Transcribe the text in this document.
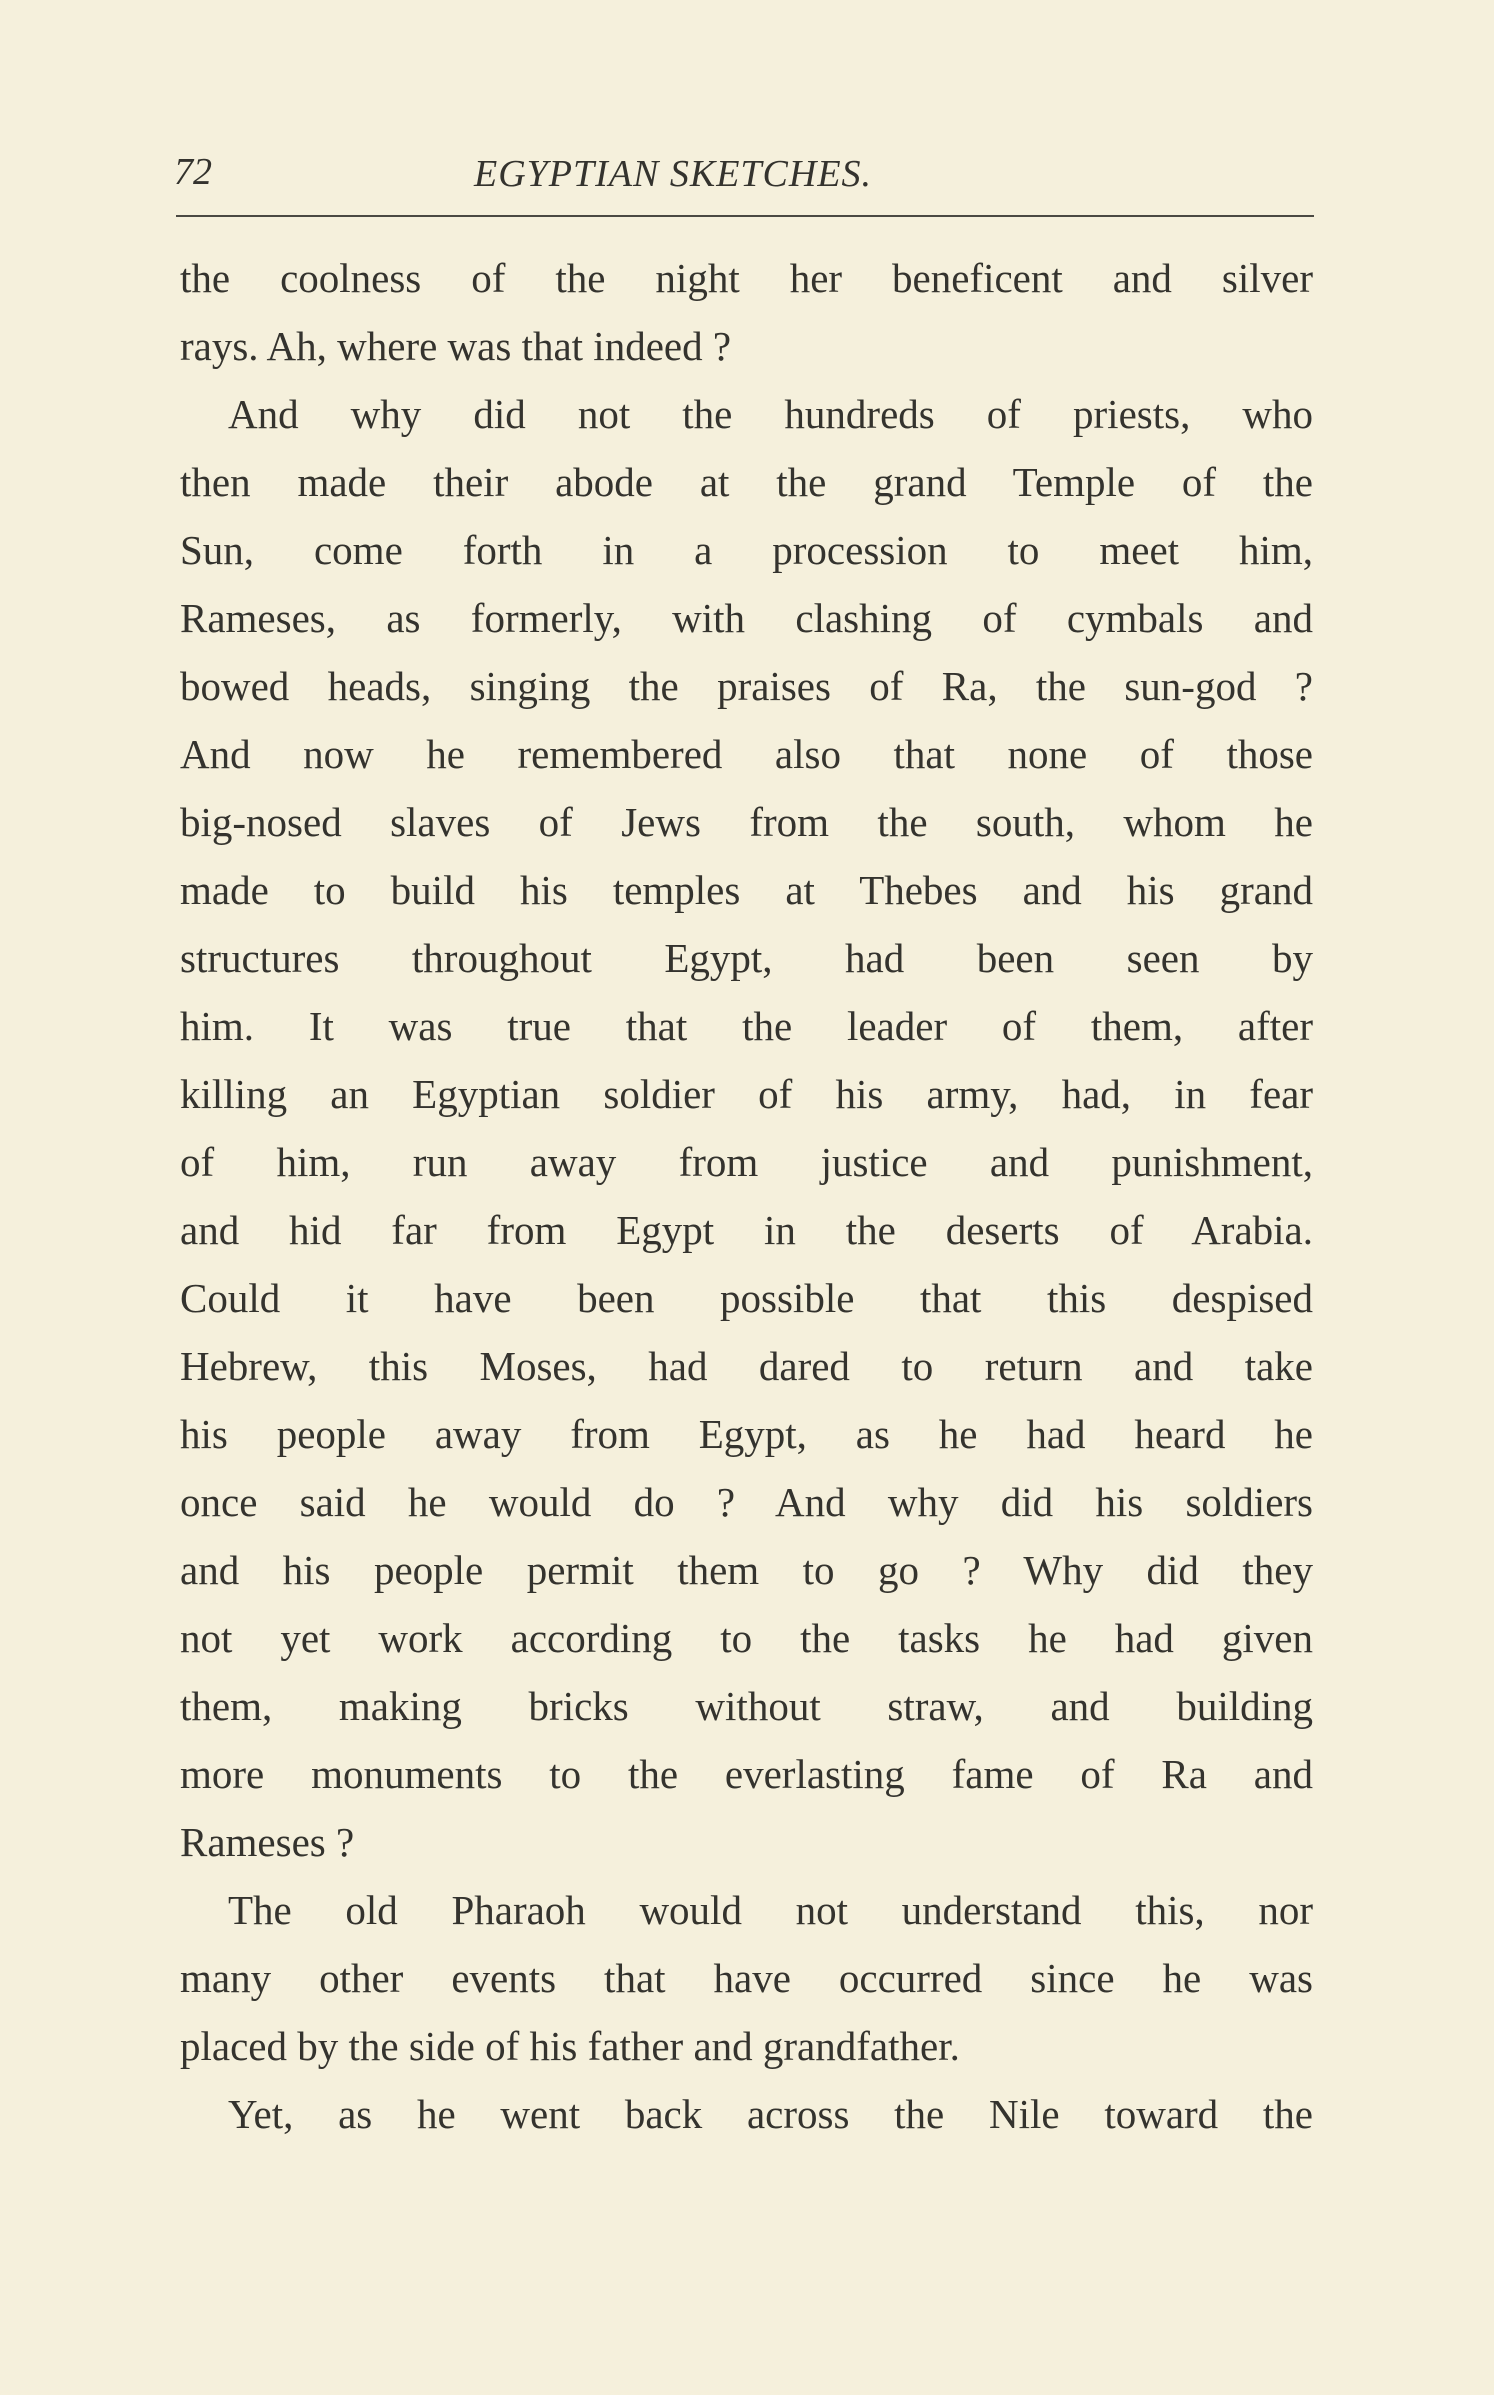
72	EGYPTIAN SKETCHES.
the coolness of the night her beneficent and silver
rays. Ah, where was that indeed ?
And why did not the hundreds of priests, who
then made their abode at the grand Temple of the
Sun, come forth in a procession to meet him,
Rameses, as formerly, with clashing of cymbals and
bowed heads, singing the praises of Ra, the sun-god ?
And now he remembered also that none of those
big-nosed slaves of Jews from the south, whom he
made to build his temples at Thebes and his grand
structures throughout Egypt, had been seen by
him. It was true that the leader of them, after
killing an Egyptian soldier of his army, had, in fear
of him, run away from justice and punishment,
and hid far from Egypt in the deserts of Arabia.
Could it have been possible that this despised
Hebrew, this Moses, had dared to return and take
his people away from Egypt, as he had heard he
once said he would do ? And why did his soldiers
and his people permit them to go ? Why did they
not yet work according to the tasks he had given
them, making bricks without straw, and building
more monuments to the everlasting fame of Ra and
Rameses ?
The old Pharaoh would not understand this, nor
many other events that have occurred since he was
placed by the side of his father and grandfather.
Yet, as he went back across the Nile toward the
